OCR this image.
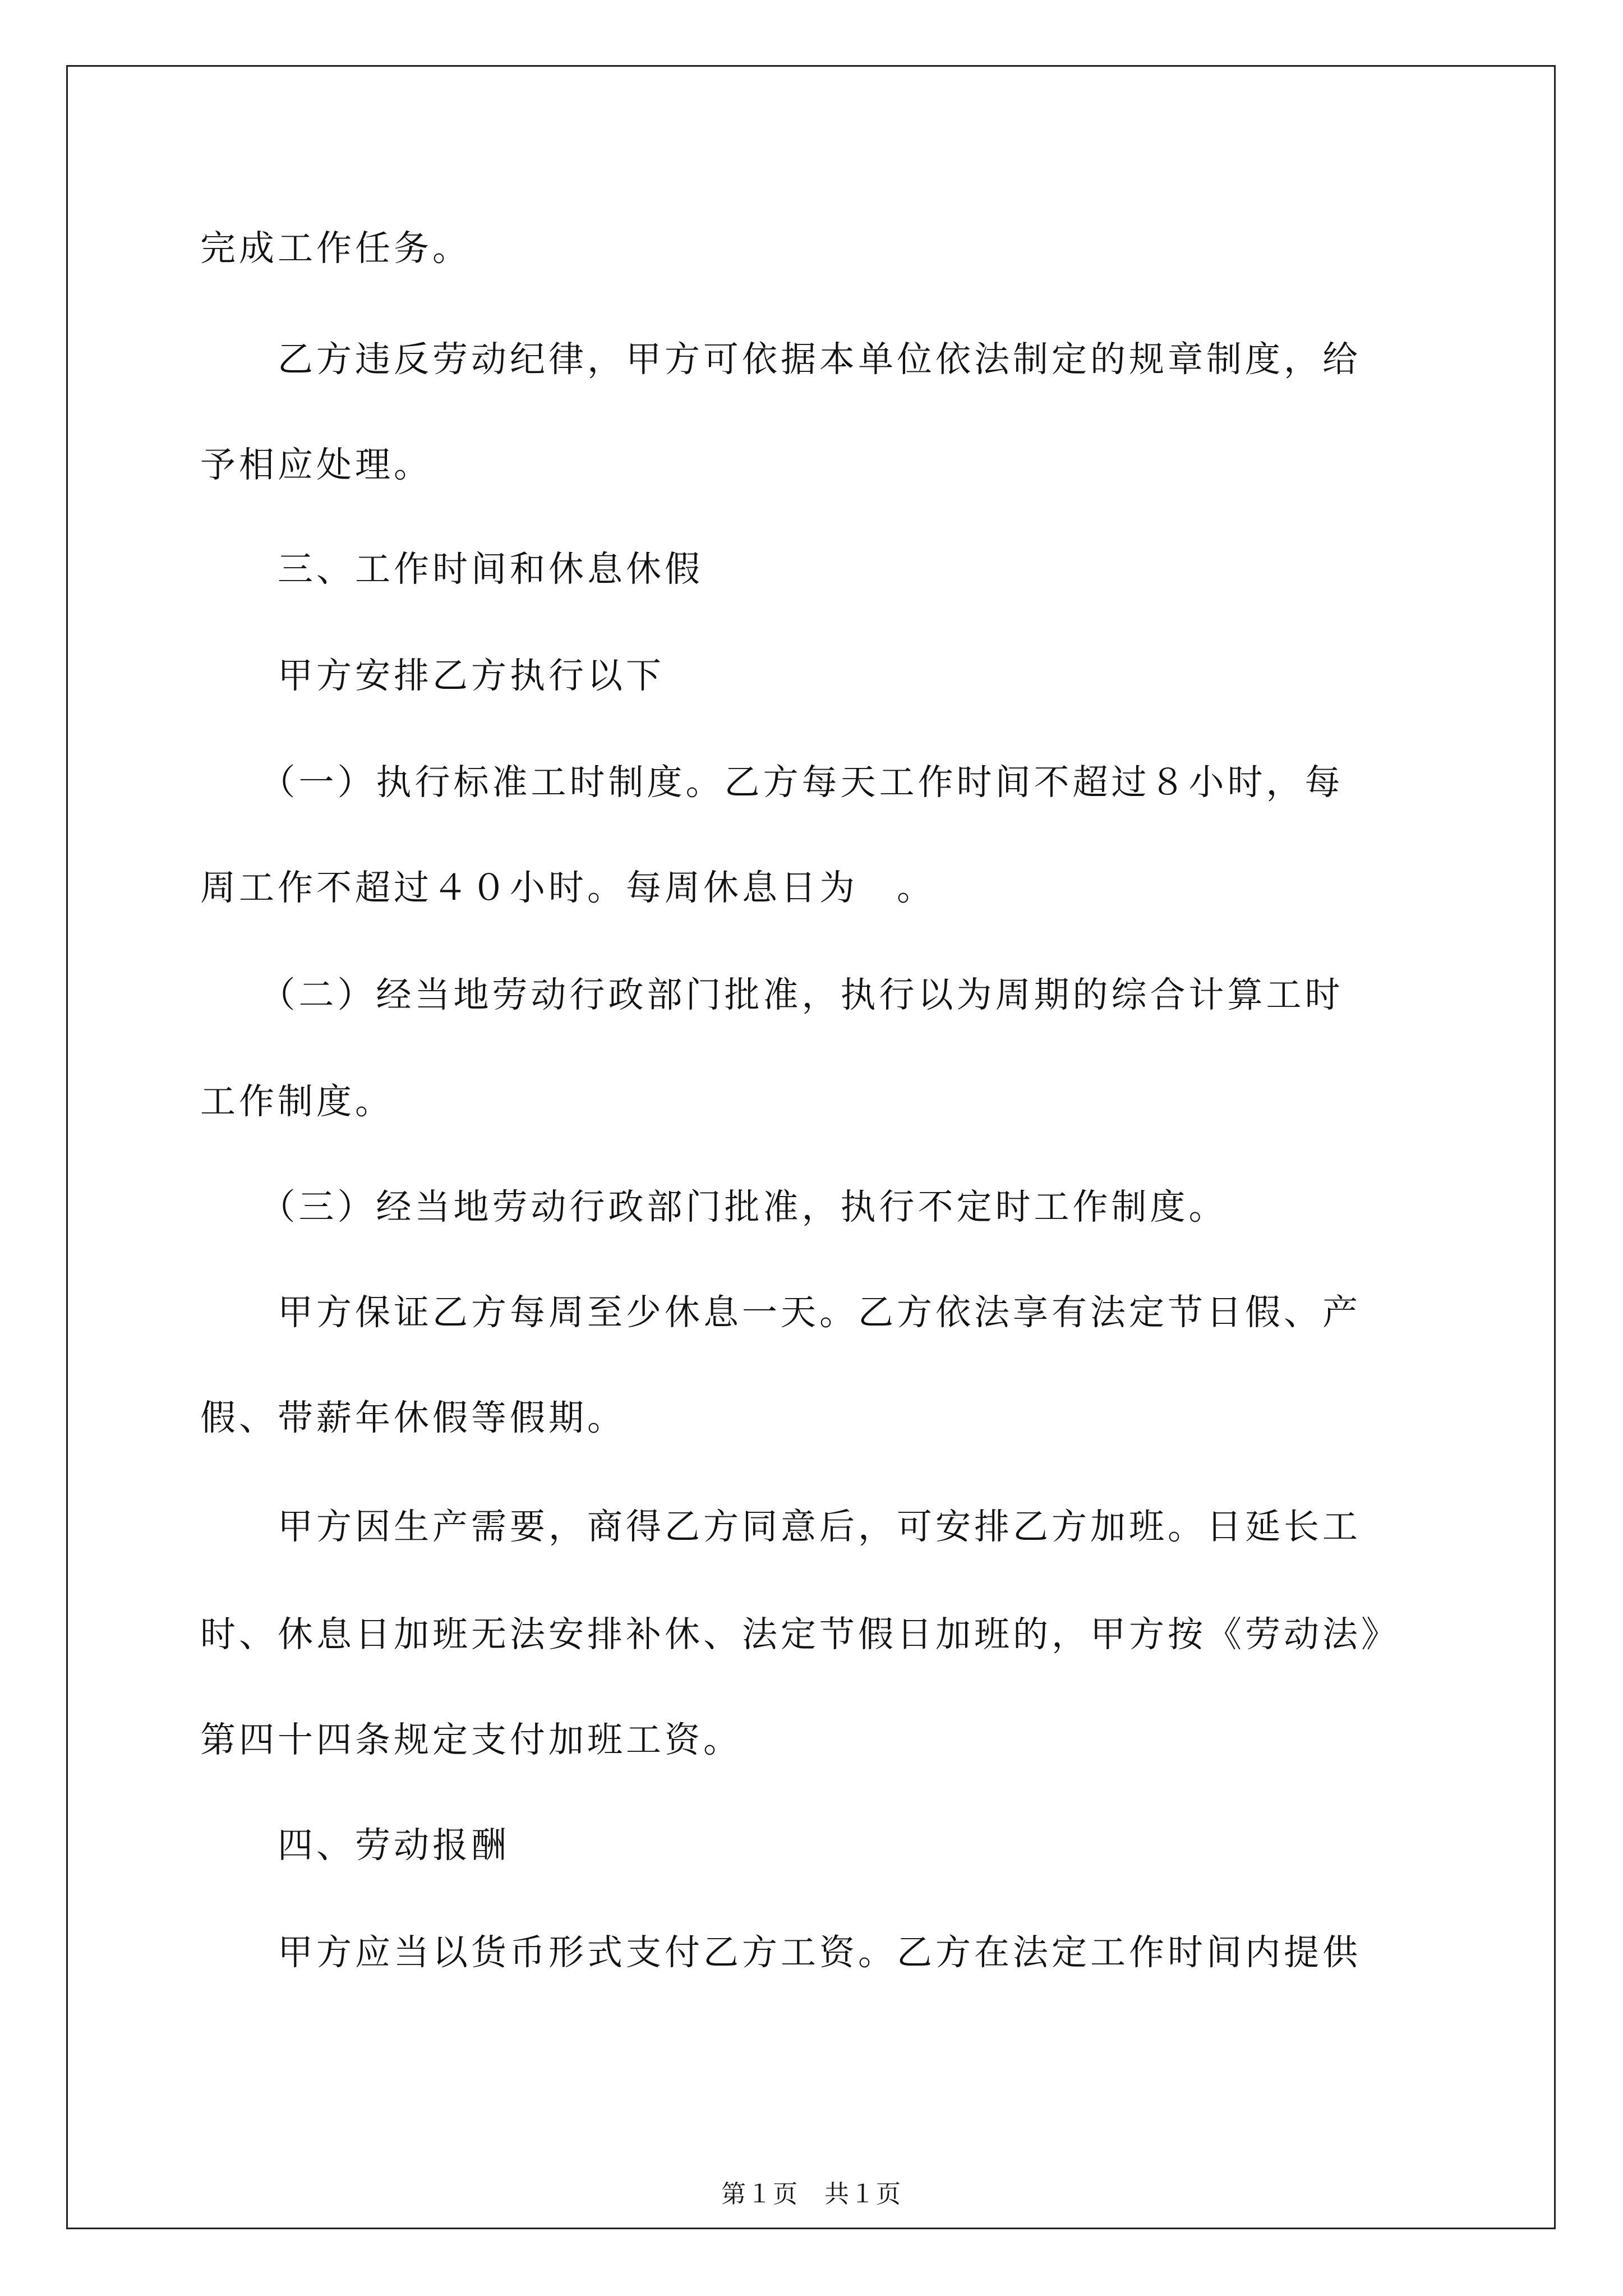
完成工作任务。
　　乙方违反劳动纪律，甲方可依据本单位依法制定的规章制度，给
予相应处理。
　　三、工作时间和休息休假
　　甲方安排乙方执行以下
　　（一）执行标准工时制度。乙方每天工作时间不超过８小时，每
周工作不超过４０小时。每周休息日为　。
　　（二）经当地劳动行政部门批准，执行以为周期的综合计算工时
工作制度。
　　（三）经当地劳动行政部门批准，执行不定时工作制度。
　　甲方保证乙方每周至少休息一天。乙方依法享有法定节日假、产
假、带薪年休假等假期。
　　甲方因生产需要，商得乙方同意后，可安排乙方加班。日延长工
时、休息日加班无法安排补休、法定节假日加班的，甲方按《劳动法》
第四十四条规定支付加班工资。
　　四、劳动报酬
　　甲方应当以货币形式支付乙方工资。乙方在法定工作时间内提供
第１页　共１页
